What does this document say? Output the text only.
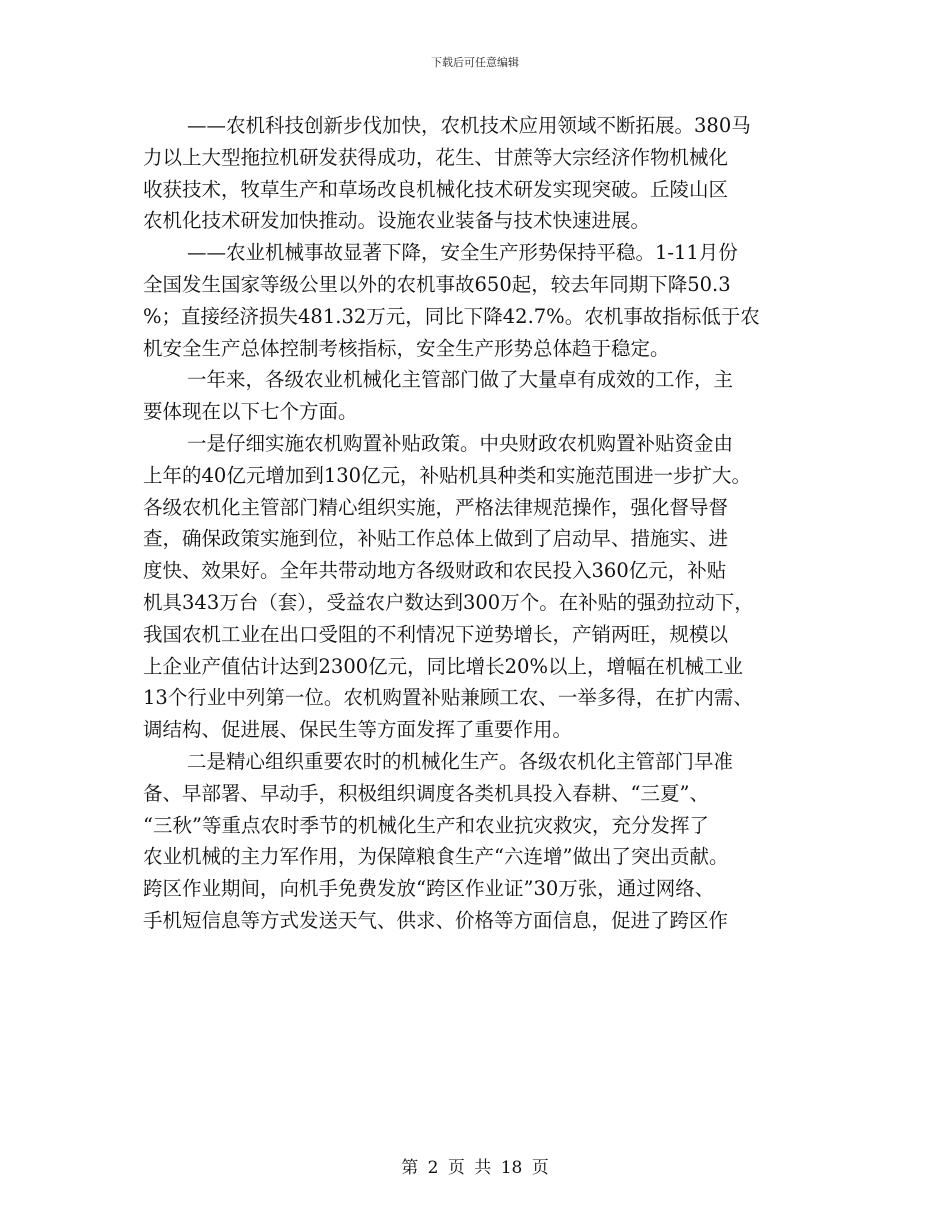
下载后可任意编辑
——农机科技创新步伐加快，农机技术应用领域不断拓展。380马
力以上大型拖拉机研发获得成功，花生、甘蔗等大宗经济作物机械化
收获技术，牧草生产和草场改良机械化技术研发实现突破。丘陵山区
农机化技术研发加快推动。设施农业装备与技术快速进展。
——农业机械事故显著下降，安全生产形势保持平稳。1-11月份
全国发生国家等级公里以外的农机事故650起，较去年同期下降50.3
%；直接经济损失481.32万元，同比下降42.7%。农机事故指标低于农
机安全生产总体控制考核指标，安全生产形势总体趋于稳定。
一年来，各级农业机械化主管部门做了大量卓有成效的工作，主
要体现在以下七个方面。
一是仔细实施农机购置补贴政策。中央财政农机购置补贴资金由
上年的40亿元增加到130亿元，补贴机具种类和实施范围进一步扩大。
各级农机化主管部门精心组织实施，严格法律规范操作，强化督导督
查，确保政策实施到位，补贴工作总体上做到了启动早、措施实、进
度快、效果好。全年共带动地方各级财政和农民投入360亿元，补贴
机具343万台（套），受益农户数达到300万个。在补贴的强劲拉动下，
我国农机工业在出口受阻的不利情况下逆势增长，产销两旺，规模以
上企业产值估计达到2300亿元，同比增长20%以上，增幅在机械工业
13个行业中列第一位。农机购置补贴兼顾工农、一举多得，在扩内需、
调结构、促进展、保民生等方面发挥了重要作用。
二是精心组织重要农时的机械化生产。各级农机化主管部门早准
备、早部署、早动手，积极组织调度各类机具投入春耕、“三夏”、
“三秋”等重点农时季节的机械化生产和农业抗灾救灾，充分发挥了
农业机械的主力军作用，为保障粮食生产“六连增”做出了突出贡献。
跨区作业期间，向机手免费发放“跨区作业证”30万张，通过网络、
手机短信息等方式发送天气、供求、价格等方面信息，促进了跨区作
第 2 页 共 18 页
